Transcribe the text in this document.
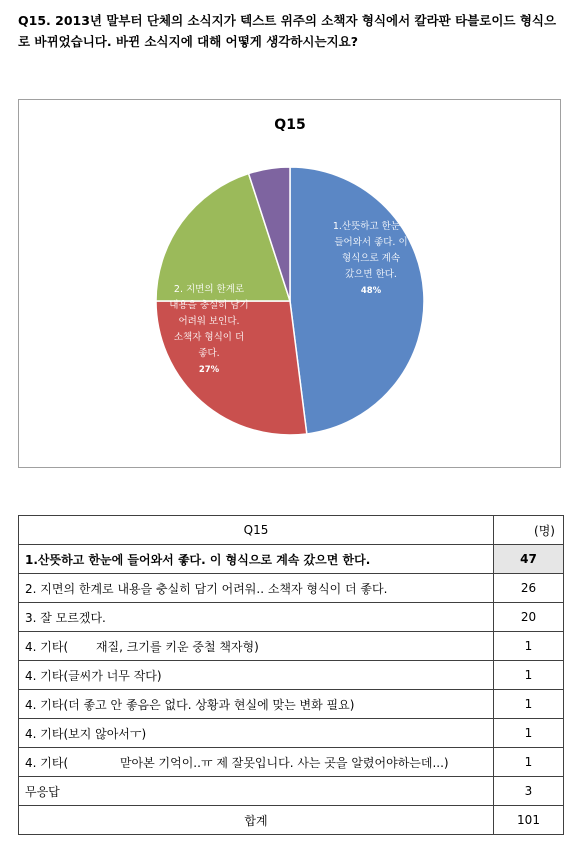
Q15. 2013년 말부터 단체의 소식지가 텍스트 위주의 소책자 형식에서 칼라판 타블로이드 형식으로 바뀌었습니다. 바뀐 소식지에 대해 어떻게 생각하시는지요?
Q15
1.산뜻하고 한눈에
들어와서 좋다. 이
형식으로 계속
갔으면 한다.
48%
2. 지면의 한계로
내용을 충실히 담기
어려워 보인다.
소책자 형식이 더
좋다.
27%
3. 잘 모르겠다.
20%
4. 기타
5%
Q15	(명)
1.산뜻하고 한눈에 들어와서 좋다. 이 형식으로 계속 갔으면 한다.	47
2. 지면의 한계로 내용을 충실히 담기 어려워.. 소책자 형식이 더 좋다.	26
3. 잘 모르겠다.	20
4. 기타(　　 재질, 크기를 키운 중철 책자형)	1
4. 기타(글씨가 너무 작다)	1
4. 기타(더 좋고 안 좋음은 없다. 상황과 현실에 맞는 변화 필요)	1
4. 기타(보지 않아서ㅜ)	1
4. 기타(　　　　 맏아본 기억이..ㅠ 제 잘못입니다. 사는 곳을 알렸어야하는데...)	1
무응답	3
합계	101
